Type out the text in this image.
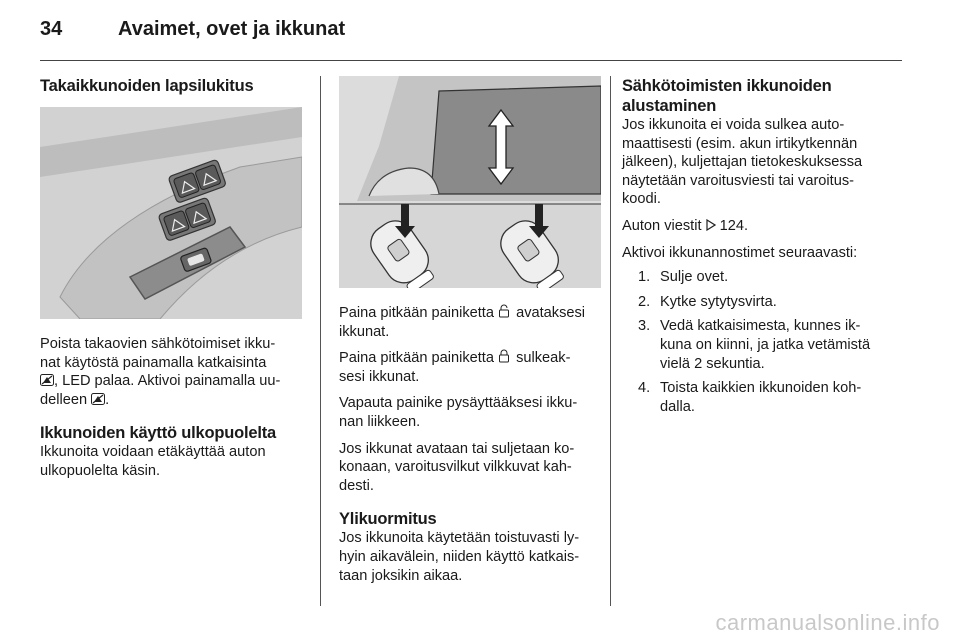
34	Avaimet, ovet ja ikkunat
Takaikkunoiden lapsilukitus

Poista takaovien sähkötoimiset ikku-
nat käytöstä painamalla katkaisinta
, LED palaa. Aktivoi painamalla uu-
delleen .

Ikkunoiden käyttö ulkopuolelta

Ikkunoita voidaan etäkäyttää auton
ulkopuolelta käsin.

Paina pitkään painiketta  avataksesi
ikkunat.

Paina pitkään painiketta  sulkeak-
sesi ikkunat.

Vapauta painike pysäyttääksesi ikku-
nan liikkeen.

Jos ikkunat avataan tai suljetaan ko-
konaan, varoitusvilkut vilkkuvat kah-
desti.

Ylikuormitus

Jos ikkunoita käytetään toistuvasti ly-
hyin aikavälein, niiden käyttö katkais-
taan joksikin aikaa.

Sähkötoimisten ikkunoiden
alustaminen

Jos ikkunoita ei voida sulkea auto-
maattisesti (esim. akun irtikytkennän
jälkeen), kuljettajan tietokeskuksessa
näytetään varoitusviesti tai varoitus-
koodi.

Auton viestit  124.

Aktivoi ikkunannostimet seuraavasti:

1. Sulje ovet.
2. Kytke sytytysvirta.
3. Vedä katkaisimesta, kunnes ik-
kuna on kiinni, ja jatka vetämistä
vielä 2 sekuntia.
4. Toista kaikkien ikkunoiden koh-
dalla.
carmanualsonline.info
